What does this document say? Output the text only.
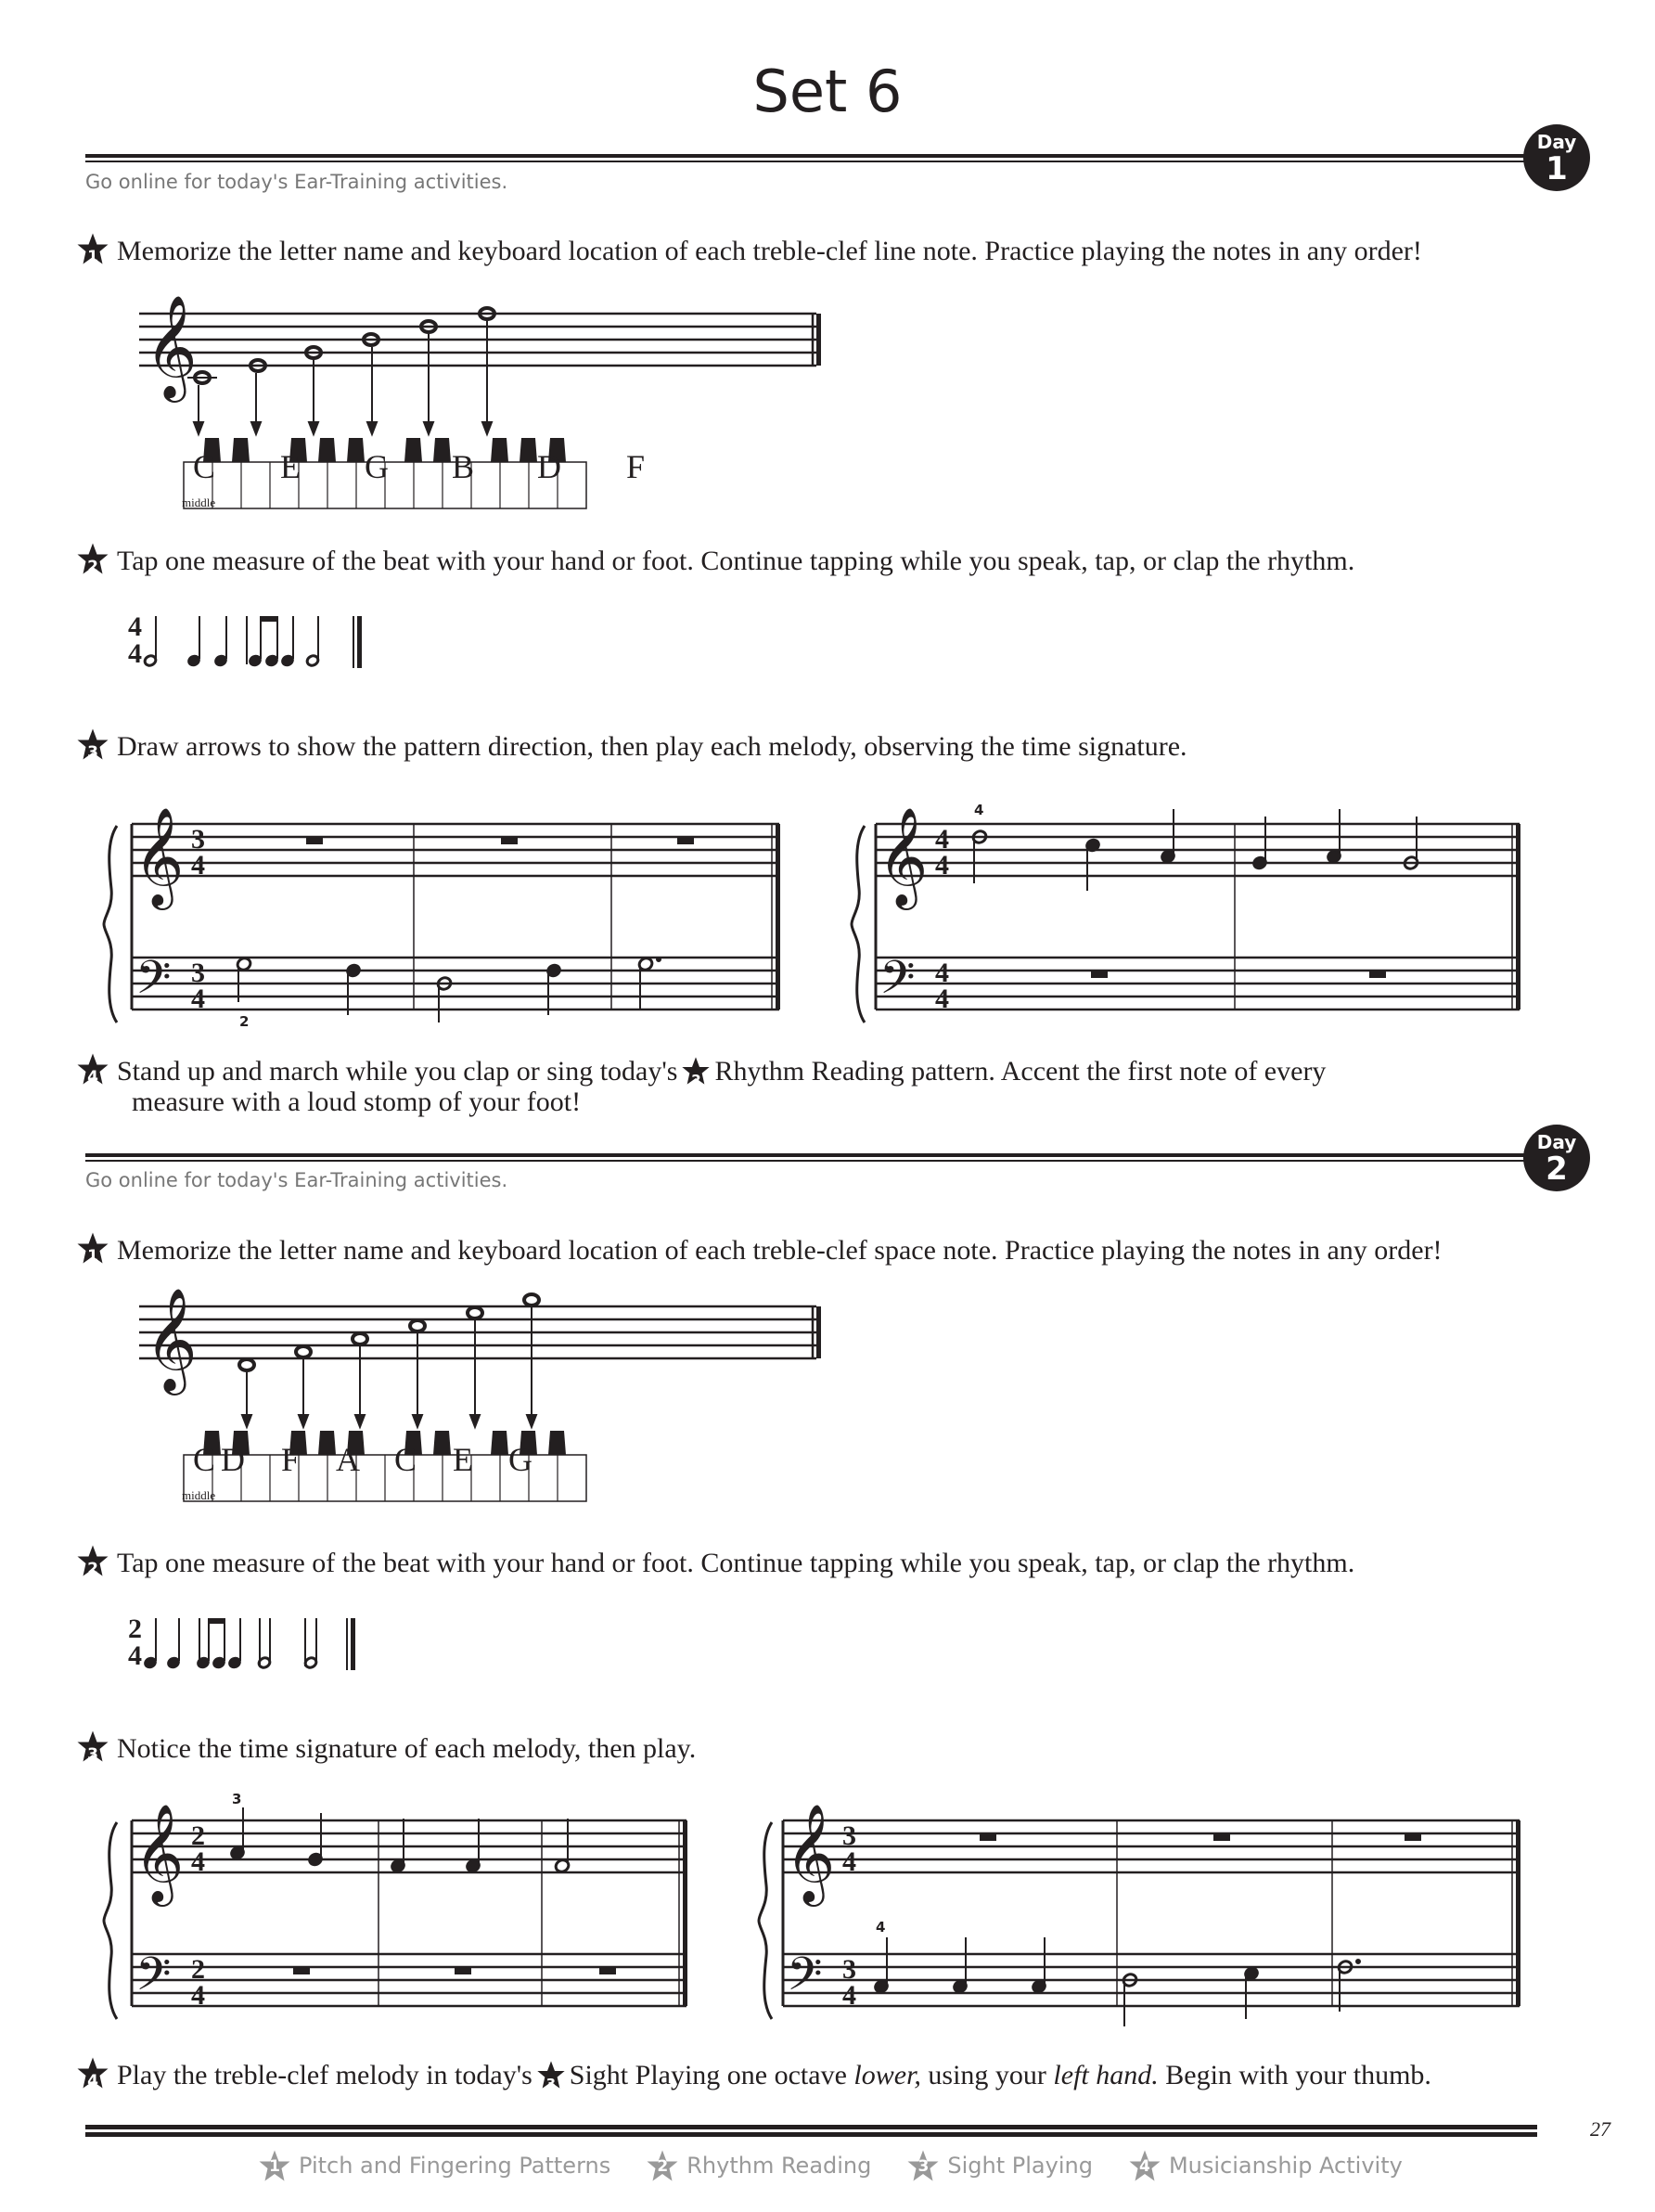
Set 6
Day
1
Go online for today's Ear-Training activities.
1 Memorize the letter name and keyboard location of each treble-clef line note. Practice playing the notes in any order!
𝄞
C	E	G	B	D	F
middle
2 Tap one measure of the beat with your hand or foot. Continue tapping while you speak, tap, or clap the rhythm.
4
4
3 Draw arrows to show the pattern direction, then play each melody, observing the time signature.
𝄞
𝄢
3
4
3
4
2
𝄞
𝄢
4
4
4
4
4
4 Stand up and march while you clap or sing today's 2 Rhythm Reading pattern. Accent the first note of every
measure with a loud stomp of your foot!
Day
2
Go online for today's Ear-Training activities.
1 Memorize the letter name and keyboard location of each treble-clef space note. Practice playing the notes in any order!
𝄞
C D	F	A	C	E	G
middle
2 Tap one measure of the beat with your hand or foot. Continue tapping while you speak, tap, or clap the rhythm.
2
4
3 Notice the time signature of each melody, then play.
𝄞
𝄢
2
4
2
4
3
𝄞
𝄢
3
4
3
4
4
4 Play the treble-clef melody in today's 3 Sight Playing one octave lower, using your left hand. Begin with your thumb.
27
1 Pitch and Fingering Patterns	2 Rhythm Reading	3 Sight Playing	4 Musicianship Activity
